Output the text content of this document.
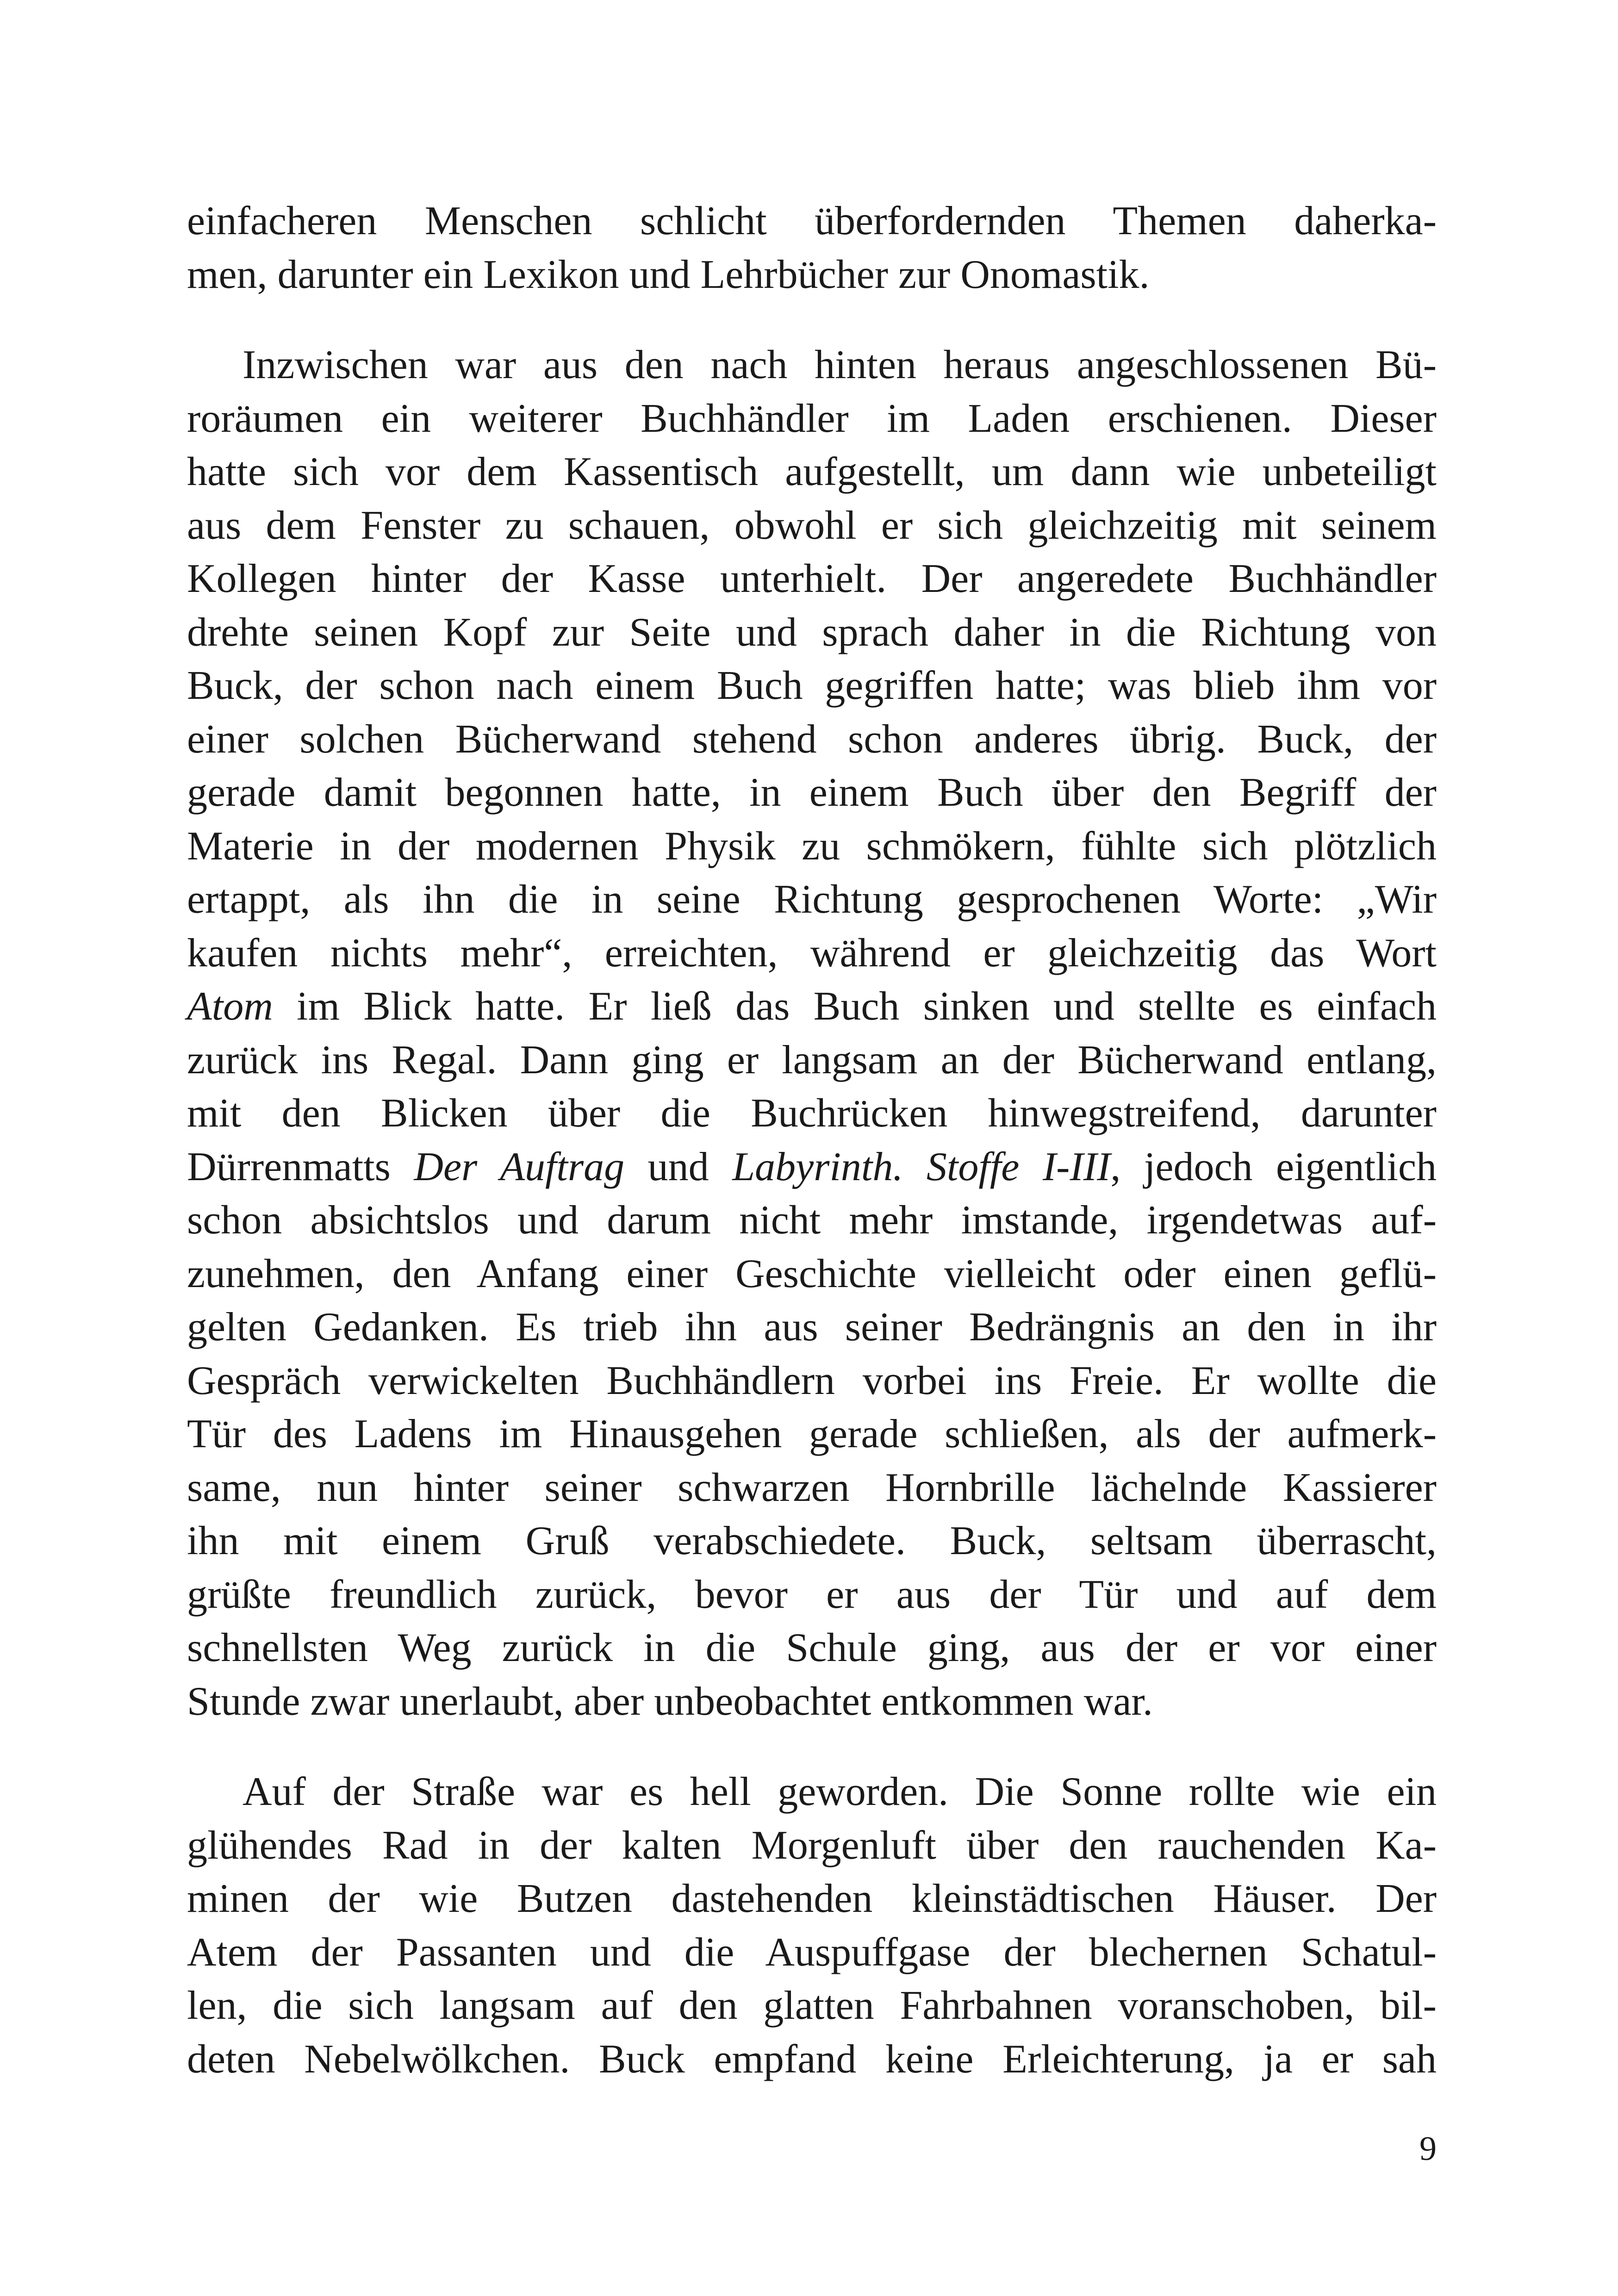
einfacheren Menschen schlicht überfordernden Themen daherka-
men, darunter ein Lexikon und Lehrbücher zur Onomastik.

Inzwischen war aus den nach hinten heraus angeschlossenen Bü-
roräumen ein weiterer Buchhändler im Laden erschienen. Dieser
hatte sich vor dem Kassentisch aufgestellt, um dann wie unbeteiligt
aus dem Fenster zu schauen, obwohl er sich gleichzeitig mit seinem
Kollegen hinter der Kasse unterhielt. Der angeredete Buchhändler
drehte seinen Kopf zur Seite und sprach daher in die Richtung von
Buck, der schon nach einem Buch gegriffen hatte; was blieb ihm vor
einer solchen Bücherwand stehend schon anderes übrig. Buck, der
gerade damit begonnen hatte, in einem Buch über den Begriff der
Materie in der modernen Physik zu schmökern, fühlte sich plötzlich
ertappt, als ihn die in seine Richtung gesprochenen Worte: „Wir
kaufen nichts mehr“, erreichten, während er gleichzeitig das Wort
Atom im Blick hatte. Er ließ das Buch sinken und stellte es einfach
zurück ins Regal. Dann ging er langsam an der Bücherwand entlang,
mit den Blicken über die Buchrücken hinwegstreifend, darunter
Dürrenmatts Der Auftrag und Labyrinth. Stoffe I-III, jedoch eigentlich
schon absichtslos und darum nicht mehr imstande, irgendetwas auf-
zunehmen, den Anfang einer Geschichte vielleicht oder einen geflü-
gelten Gedanken. Es trieb ihn aus seiner Bedrängnis an den in ihr
Gespräch verwickelten Buchhändlern vorbei ins Freie. Er wollte die
Tür des Ladens im Hinausgehen gerade schließen, als der aufmerk-
same, nun hinter seiner schwarzen Hornbrille lächelnde Kassierer
ihn mit einem Gruß verabschiedete. Buck, seltsam überrascht,
grüßte freundlich zurück, bevor er aus der Tür und auf dem
schnellsten Weg zurück in die Schule ging, aus der er vor einer
Stunde zwar unerlaubt, aber unbeobachtet entkommen war.

Auf der Straße war es hell geworden. Die Sonne rollte wie ein
glühendes Rad in der kalten Morgenluft über den rauchenden Ka-
minen der wie Butzen dastehenden kleinstädtischen Häuser. Der
Atem der Passanten und die Auspuffgase der blechernen Schatul-
len, die sich langsam auf den glatten Fahrbahnen voranschoben, bil-
deten Nebelwölkchen. Buck empfand keine Erleichterung, ja er sah

9
